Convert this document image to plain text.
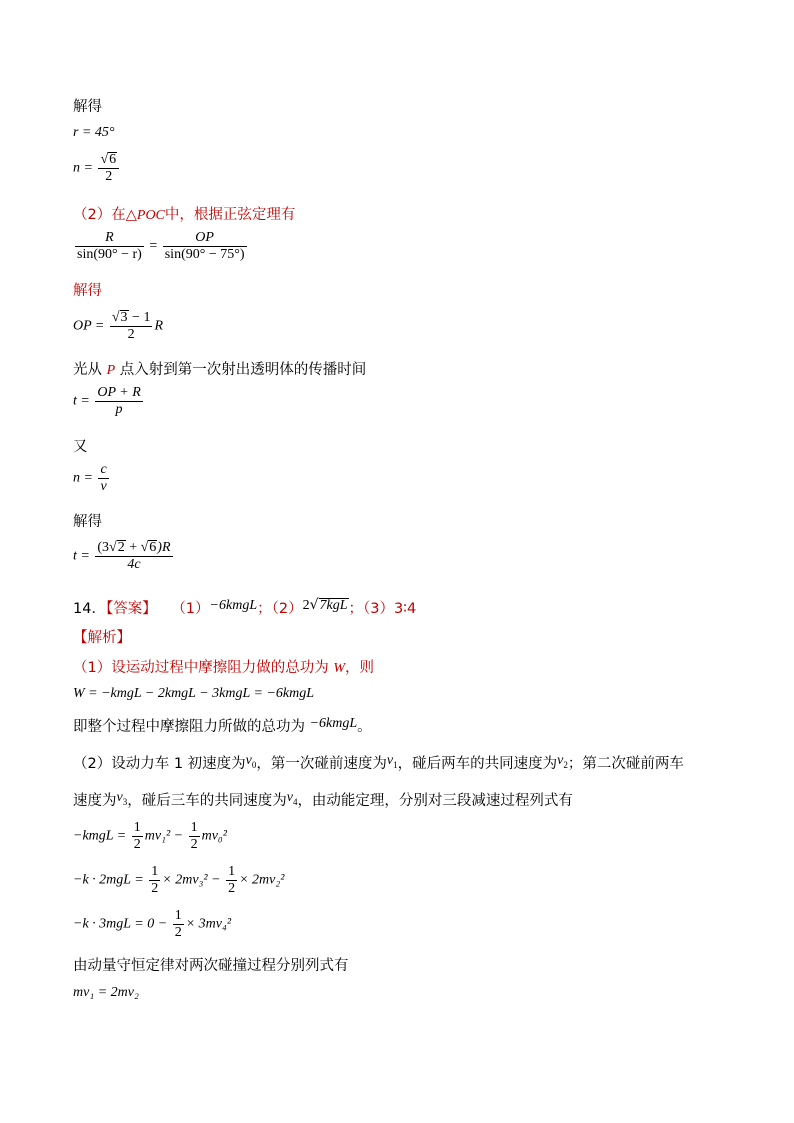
解得
r = 45°
$n = \frac{√6}{2}$
（2）在△POC中，根据正弦定理有
$\frac{R}{\sin(90^\circ - r)} = \frac{OP}{\sin(90^\circ - 75^\circ)}$
解得
OP = $\frac{√3 - 1}{2}$ R
光从 P 点入射到第一次射出透明体的传播时间
$t = \frac{OP + R}{p}$
又
$n = \frac{c}{v}$
解得
$t = \frac{(3√2 + √6)R}{4c}$
14．【答案】 （1）−6kmgL；（2）2√7kgL；（3）3∶4
【解析】
（1）设运动过程中摩擦阻力做的总功为 W，则
W = −kmgL − 2kmgL − 3kmgL = −6kmgL
即整个过程中摩擦阻力所做的总功为 −6kmgL。
（2）设动力车 1 初速度为$v_0$，第一次碰前速度为$v_1$，碰后两车的共同速度为$v_2$；第二次碰前两车
速度为$v_3$，碰后三车的共同速度为$v_4$，由动能定理，分别对三段减速过程列式有
−kmgL = $\frac{1}{2} mv_1^2 - \frac{1}{2} mv_0^2$
$-k \cdot 2mgL = \frac{1}{2} \times 2mv_3^2 - \frac{1}{2} \times 2mv_2^2$
$-k \cdot 3mgL = 0 - \frac{1}{2} \times 3mv_4^2$
由动量守恒定律对两次碰撞过程分别列式有
mv₁ = 2mv₂
